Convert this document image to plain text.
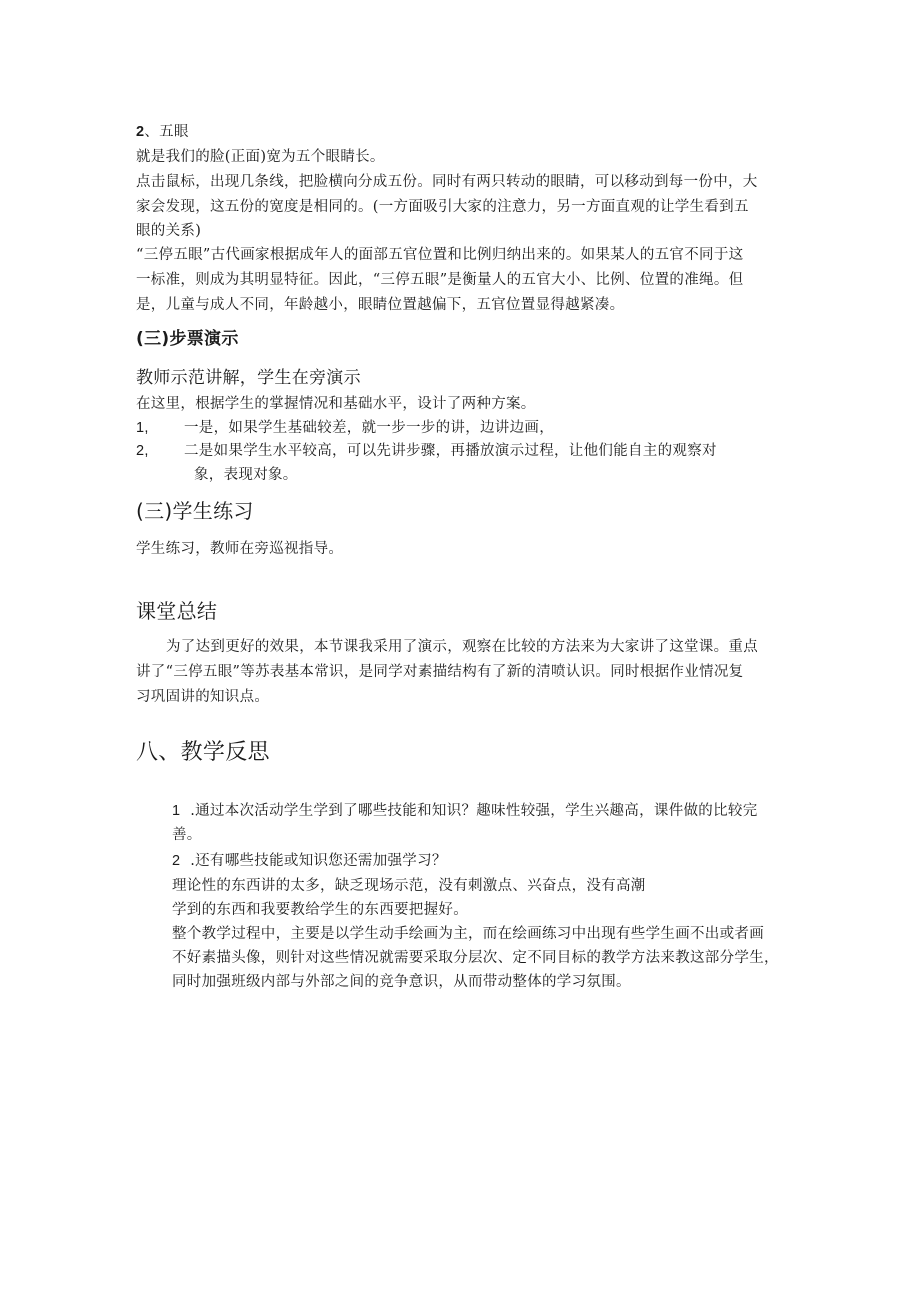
2、五眼
就是我们的脸(正面)宽为五个眼睛长。
点击鼠标，出现几条线，把脸横向分成五份。同时有两只转动的眼睛，可以移动到每一份中，大
家会发现，这五份的宽度是相同的。(一方面吸引大家的注意力，另一方面直观的让学生看到五
眼的关系)
“三停五眼”古代画家根据成年人的面部五官位置和比例归纳出来的。如果某人的五官不同于这
一标准，则成为其明显特征。因此，“三停五眼”是衡量人的五官大小、比例、位置的准绳。但
是，儿童与成人不同，年龄越小，眼睛位置越偏下，五官位置显得越紧凑。
(三)步票演示
教师示范讲解，学生在旁演示
在这里，根据学生的掌握情况和基础水平，设计了两种方案。
1, 一是，如果学生基础较差，就一步一步的讲，边讲边画，
2, 二是如果学生水平较高，可以先讲步骤，再播放演示过程，让他们能自主的观察对
象，表现对象。
(三)学生练习
学生练习，教师在旁巡视指导。
课堂总结
为了达到更好的效果，本节课我采用了演示，观察在比较的方法来为大家讲了这堂课。重点
讲了“三停五眼”等苏表基本常识，是同学对素描结构有了新的清喷认识。同时根据作业情况复
习巩固讲的知识点。
八、教学反思
1 .通过本次活动学生学到了哪些技能和知识？趣味性较强，学生兴趣高，课件做的比较完
善。
2 .还有哪些技能或知识您还需加强学习？
理论性的东西讲的太多，缺乏现场示范，没有刺激点、兴奋点，没有高潮
学到的东西和我要教给学生的东西要把握好。
整个教学过程中，主要是以学生动手绘画为主，而在绘画练习中出现有些学生画不出或者画
不好素描头像，则针对这些情况就需要采取分层次、定不同目标的教学方法来教这部分学生，
同时加强班级内部与外部之间的竞争意识，从而带动整体的学习氛围。
